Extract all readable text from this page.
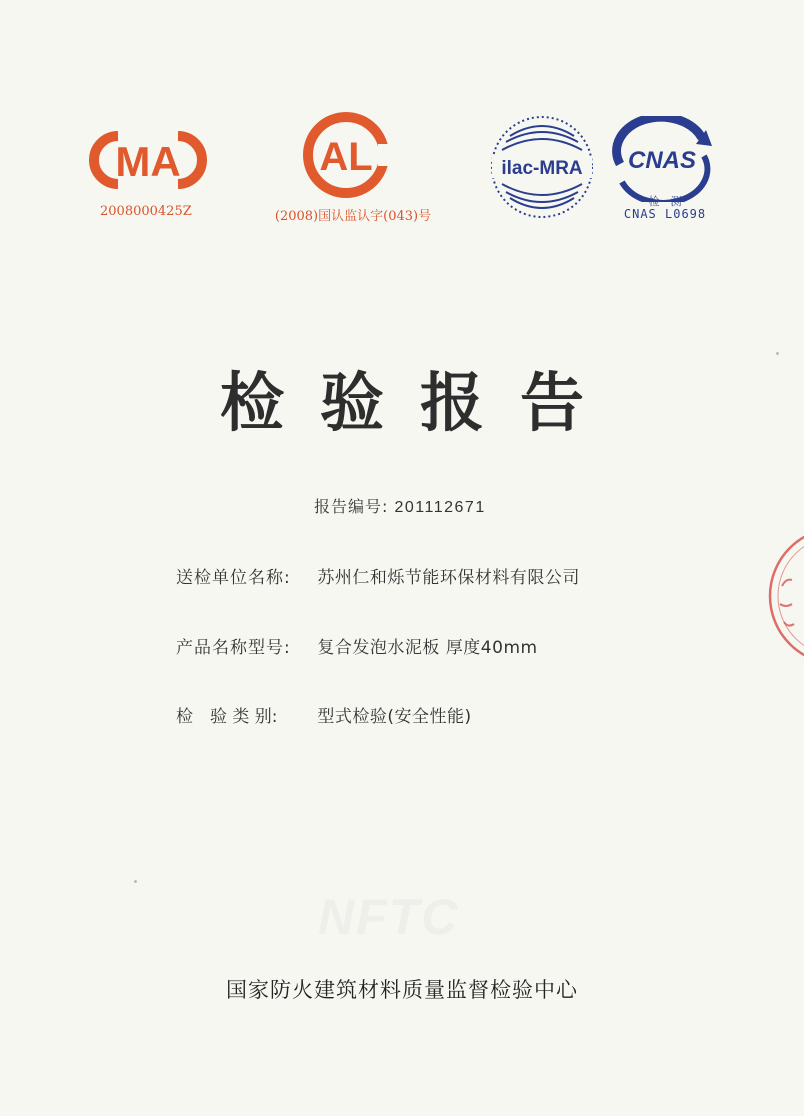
MA
2008000425Z
AL
(2008)国认监认字(043)号
ilac-MRA CNAS
检　测
CNAS L0698
检验报告
报告编号: 201112671
送检单位名称: 苏州仁和烁节能环保材料有限公司
产品名称型号: 复合发泡水泥板 厚度40mm
检　验 类 别: 型式检验(安全性能)
NFTC
国家防火建筑材料质量监督检验中心
